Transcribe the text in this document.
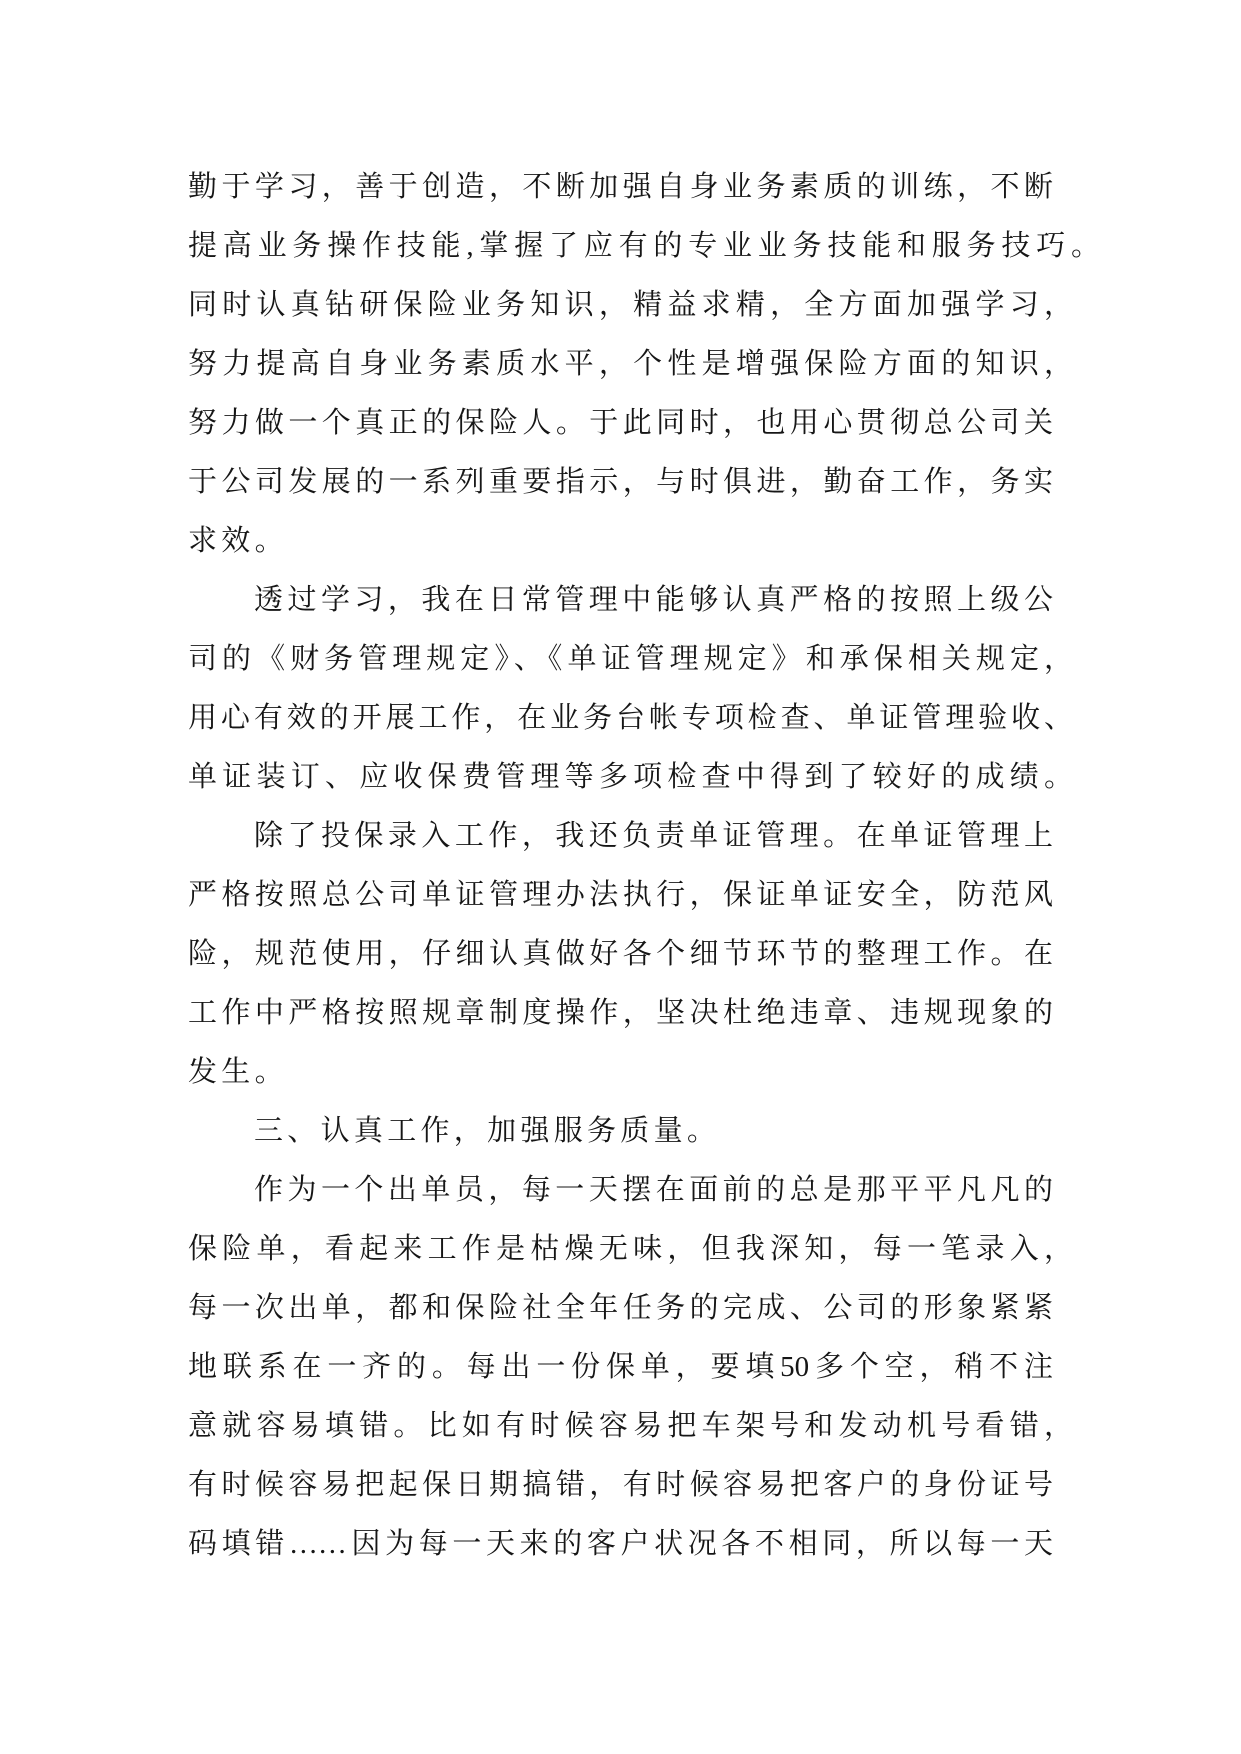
勤于学习，善于创造，不断加强自身业务素质的训练，不断
提高业务操作技能,掌握了应有的专业业务技能和服务技巧。
同时认真钻研保险业务知识，精益求精，全方面加强学习，
努力提高自身业务素质水平，个性是增强保险方面的知识，
努力做一个真正的保险人。于此同时，也用心贯彻总公司关
于公司发展的一系列重要指示，与时俱进，勤奋工作，务实
求效。
透过学习，我在日常管理中能够认真严格的按照上级公
司的《财务管理规定》、《单证管理规定》和承保相关规定，
用心有效的开展工作，在业务台帐专项检查、单证管理验收、
单证装订、应收保费管理等多项检查中得到了较好的成绩。
除了投保录入工作，我还负责单证管理。在单证管理上
严格按照总公司单证管理办法执行，保证单证安全，防范风
险，规范使用，仔细认真做好各个细节环节的整理工作。在
工作中严格按照规章制度操作，坚决杜绝违章、违规现象的
发生。
三、认真工作，加强服务质量。
作为一个出单员，每一天摆在面前的总是那平平凡凡的
保险单，看起来工作是枯燥无味，但我深知，每一笔录入，
每一次出单，都和保险社全年任务的完成、公司的形象紧紧
地联系在一齐的。每出一份保单，要填50多个空，稍不注
意就容易填错。比如有时候容易把车架号和发动机号看错，
有时候容易把起保日期搞错，有时候容易把客户的身份证号
码填错……因为每一天来的客户状况各不相同，所以每一天
